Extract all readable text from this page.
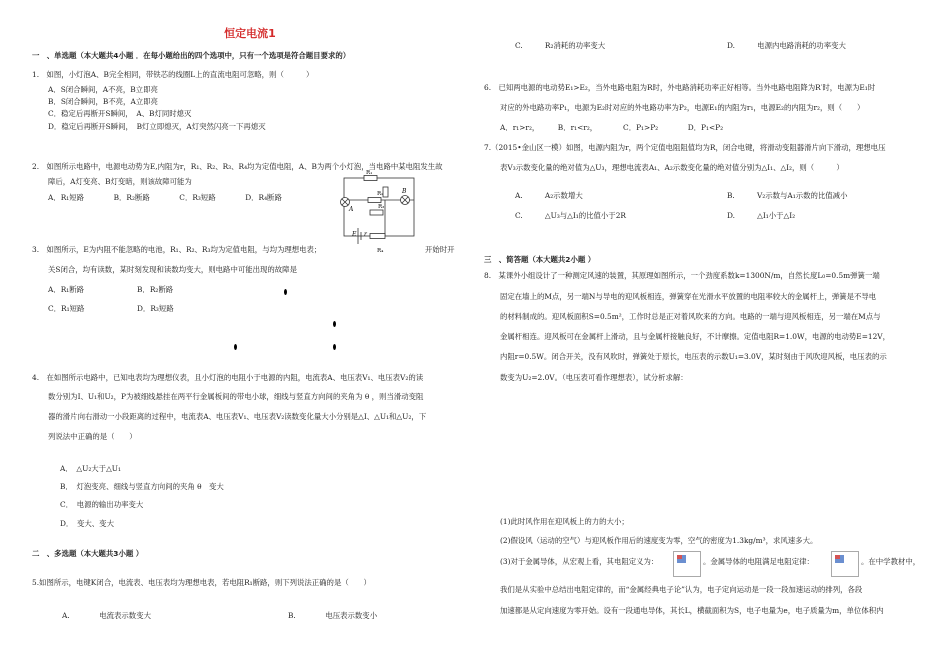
恒定电流1
一　、单选题（本大题共4小题 ．在每小题给出的四个选项中，只有一个选项是符合题目要求的）
1.　如图，小灯泡A、B完全相同，带铁芯的线圈L上的直流电阻可忽略，则（　　　）
A．S闭合瞬间，A不亮，B立即亮
B．S闭合瞬间，B不亮，A立即亮
C．稳定后再断开S瞬间，　A、B灯同时熄灭
D．稳定后再断开S瞬间，　B灯立即熄灭，A灯突然闪亮一下再熄灭
2.　如图所示电路中，电源电动势为E,内阻为r，R₁、R₂、R₃、R₄均为定值电阻，A、B为两个小灯泡，当电路中某电阻发生故
障后，A灯变亮、B灯变暗，则该故障可能为
A．R₁短路　　　　B．R₂断路　　　　C．R₃短路　　　　D．R₄断路
R₁
R₂
R₃
A
B
E r
R₄
3.　如图所示，E为内阻不能忽略的电池，R₁、R₂、R₃均为定值电阻，与均为理想电表；	开始时开
关S闭合，均有读数，某时刻发现和读数均变大，则电路中可能出现的故障是
A．R₁断路	B．R₂断路
C．R₁短路	D．R₃短路
4.　在如图所示电路中，已知电表均为理想仪表，且小灯泡的电阻小于电源的内阻，电流表A、电压表V₁、电压表V₂的读
数分别为I、U₁和U₂，P为被细线悬挂在两平行金属板间的带电小球，细线与竖直方向间的夹角为 θ ，则当滑动变阻
器的滑片向右滑动一小段距离的过程中，电流表A、电压表V₁、电压表V₂读数变化量大小分别是△I、△U₁和△U₂，下
列说法中正确的是（　　）
A．　△U₂大于△U₁
B．　灯泡变亮、细线与竖直方向间的夹角 θ　变大
C．　电源的输出功率变大
D．　变大、变大
二　、多选题（本大题共3小题 ）
5.如图所示，电键K闭合，电流表、电压表均为理想电表，若电阻R₁断路，则下列说法正确的是（　　）
A.　　　　电流表示数变大	B.　　　　电压表示数变小
C.　　　R₂消耗的功率变大	D.　　　电源内电路消耗的功率变大
6.　已知两电源的电动势E₁>E₂，当外电路电阻为R时，外电路消耗功率正好相等。当外电路电阻降为R′时，电源为E₁时
对应的外电路功率P₁，电源为E₂时对应的外电路功率为P₂，电源E₁的内阻为r₁，电源E₂的内阻为r₂，则（　　）
A．r₁>r₂，　　　B．r₁<r₂，　　　　C．P₁>P₂　　　　D．P₁<P₂
7.（2015•金山区一模）如图，电源内阻为r，两个定值电阻阻值均为R，闭合电键，将滑动变阻器滑片向下滑动，理想电压
表V₃示数变化量的绝对值为△U₃，理想电流表A₁、A₂示数变化量的绝对值分别为△I₁、△I₂，则（　　　）
A.　　　A₂示数增大	B.　　　V₂示数与A₁示数的比值减小
C.　　　△U₃与△I₁的比值小于2R	D.　　　△I₁小于△I₂
三　、简答题（本大题共2小题 ）
8.　某课外小组设计了一种测定风速的装置，其原理如图所示，一个劲度系数k=1300N/m，自然长度L₀=0.5m弹簧一端
固定在墙上的M点，另一端N与导电的迎风板相连，弹簧穿在光滑水平放置的电阻率较大的金属杆上，弹簧是不导电
的材料制成的。迎风板面积S=0.5m²，工作时总是正对着风吹来的方向。电路的一端与迎风板相连，另一端在M点与
金属杆相连。迎风板可在金属杆上滑动，且与金属杆接触良好，不计摩擦。定值电阻R=1.0W，电源的电动势E=12V，
内阻r=0.5W。闭合开关，没有风吹时，弹簧处于原长，电压表的示数U₁=3.0V，某时刻由于风吹迎风板，电压表的示
数变为U₂=2.0V。（电压表可看作理想表），试分析求解：
(1)此时风作用在迎风板上的力的大小；
(2)假设风（运动的空气）与迎风板作用后的速度变为零，空气的密度为1.3kg/m³，求风速多大。
(3)对于金属导体，从宏观上看，其电阻定义为：	。金属导体的电阻满足电阻定律：	。在中学教材中，
我们是从实验中总结出电阻定律的，而“金属经典电子论”认为，电子定向运动是一段一段加速运动的排列，各段
加速都是从定向速度为零开始。设有一段通电导体，其长L，横截面积为S，电子电量为e，电子质量为m，单位体积内
